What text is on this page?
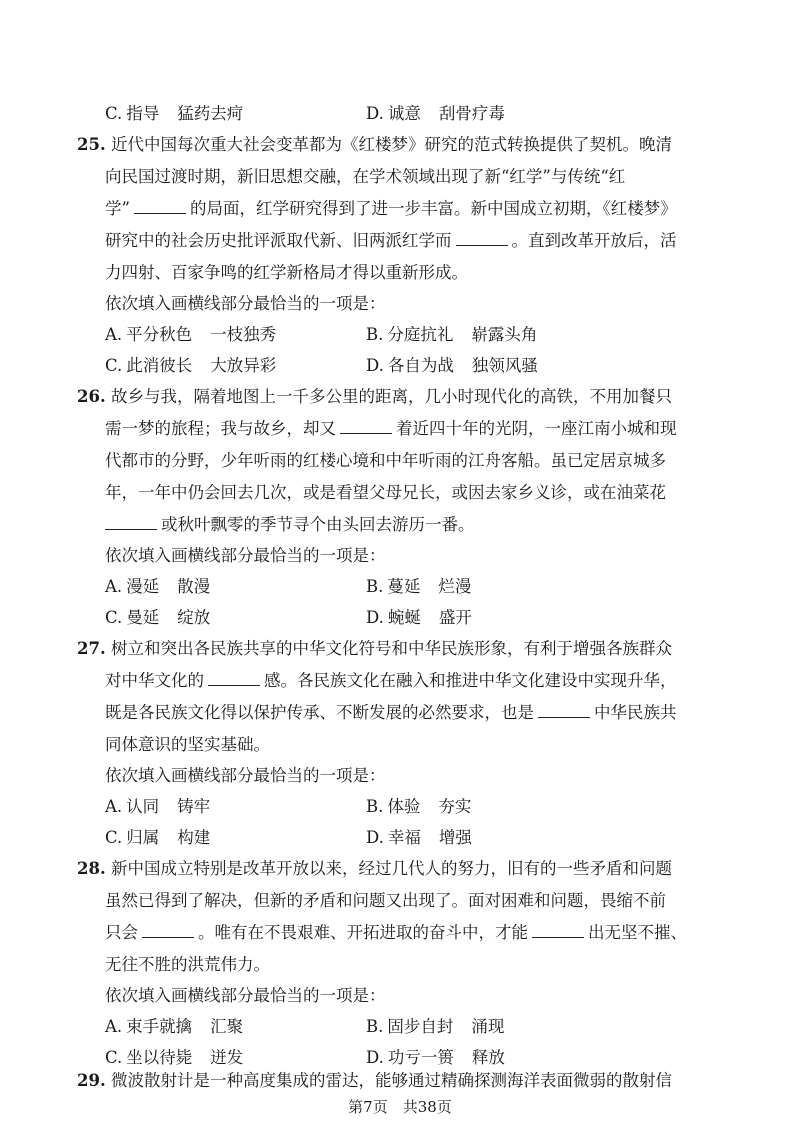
C. 指导 猛药去疴	D. 诚意 刮骨疗毒
25. 近代中国每次重大社会变革都为《红楼梦》研究的范式转换提供了契机。晚清
向民国过渡时期，新旧思想交融，在学术领域出现了新“红学”与传统“红
学”	的局面，红学研究得到了进一步丰富。新中国成立初期，《红楼梦》
研究中的社会历史批评派取代新、旧两派红学而	。直到改革开放后，活
力四射、百家争鸣的红学新格局才得以重新形成。
依次填入画横线部分最恰当的一项是：
A. 平分秋色 一枝独秀	B. 分庭抗礼 崭露头角
C. 此消彼长 大放异彩	D. 各自为战 独领风骚
26. 故乡与我，隔着地图上一千多公里的距离，几小时现代化的高铁，不用加餐只
需一梦的旅程；我与故乡，却又	着近四十年的光阴，一座江南小城和现
代都市的分野，少年听雨的红楼心境和中年听雨的江舟客船。虽已定居京城多
年，一年中仍会回去几次，或是看望父母兄长，或因去家乡义诊，或在油菜花
或秋叶飘零的季节寻个由头回去游历一番。
依次填入画横线部分最恰当的一项是：
A. 漫延 散漫	B. 蔓延 烂漫
C. 曼延 绽放	D. 蜿蜒 盛开
27. 树立和突出各民族共享的中华文化符号和中华民族形象，有利于增强各族群众
对中华文化的	感。各民族文化在融入和推进中华文化建设中实现升华，
既是各民族文化得以保护传承、不断发展的必然要求，也是	中华民族共
同体意识的坚实基础。
依次填入画横线部分最恰当的一项是：
A. 认同 铸牢	B. 体验 夯实
C. 归属 构建	D. 幸福 增强
28. 新中国成立特别是改革开放以来，经过几代人的努力，旧有的一些矛盾和问题
虽然已得到了解决，但新的矛盾和问题又出现了。面对困难和问题，畏缩不前
只会	。唯有在不畏艰难、开拓进取的奋斗中，才能	出无坚不摧、
无往不胜的洪荒伟力。
依次填入画横线部分最恰当的一项是：
A. 束手就擒 汇聚	B. 固步自封 涌现
C. 坐以待毙 迸发	D. 功亏一篑 释放
29. 微波散射计是一种高度集成的雷达，能够通过精确探测海洋表面微弱的散射信
第7页　共38页
